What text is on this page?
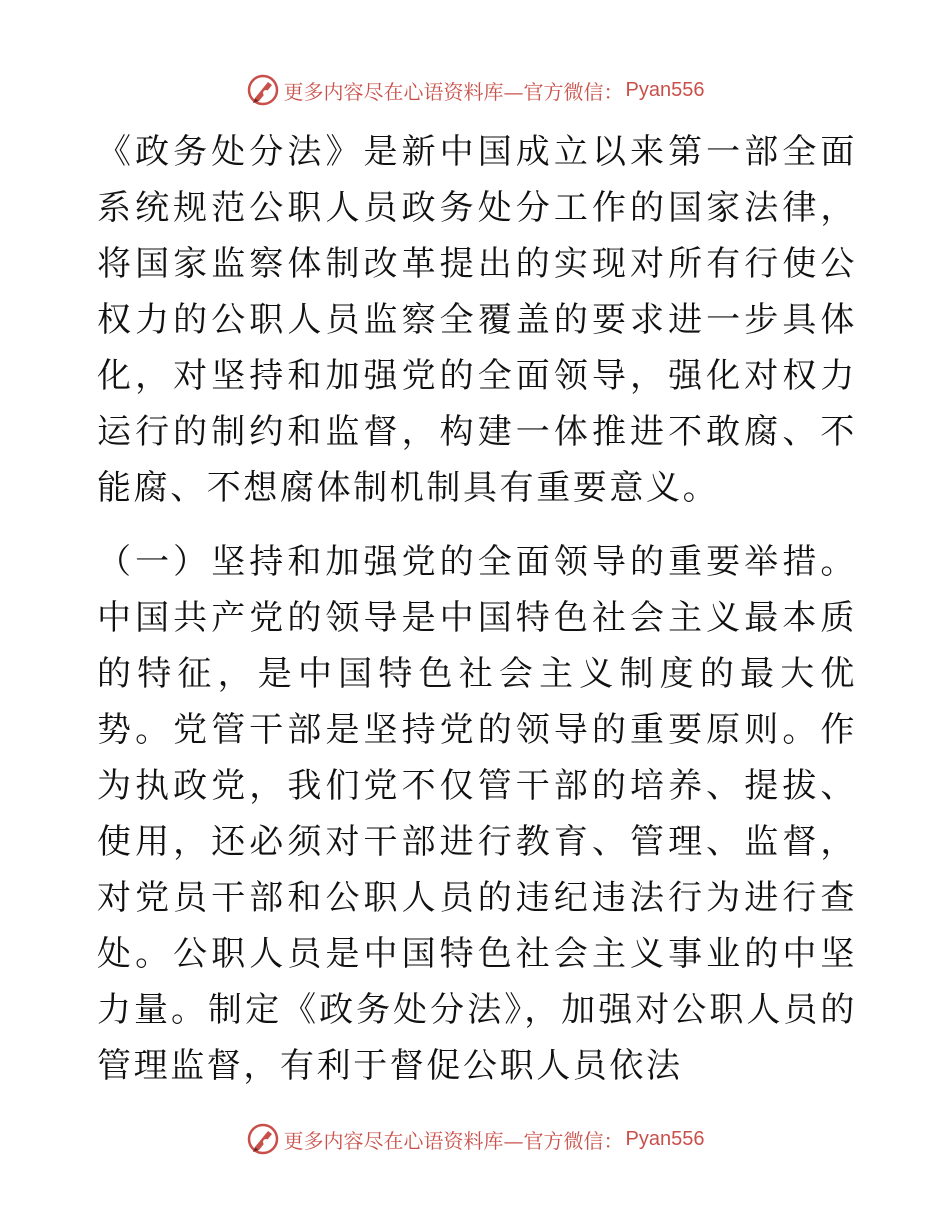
更多内容尽在心语资料库—官方微信： Pyan556

《政务处分法》是新中国成立以来第一部全面系统规范公职人员政务处分工作的国家法律，将国家监察体制改革提出的实现对所有行使公权力的公职人员监察全覆盖的要求进一步具体化，对坚持和加强党的全面领导，强化对权力运行的制约和监督，构建一体推进不敢腐、不能腐、不想腐体制机制具有重要意义。

（一）坚持和加强党的全面领导的重要举措。中国共产党的领导是中国特色社会主义最本质的特征，是中国特色社会主义制度的最大优势。党管干部是坚持党的领导的重要原则。作为执政党，我们党不仅管干部的培养、提拔、使用，还必须对干部进行教育、管理、监督，对党员干部和公职人员的违纪违法行为进行查处。公职人员是中国特色社会主义事业的中坚力量。制定《政务处分法》，加强对公职人员的管理监督，有利于督促公职人员依法

更多内容尽在心语资料库—官方微信： Pyan556
